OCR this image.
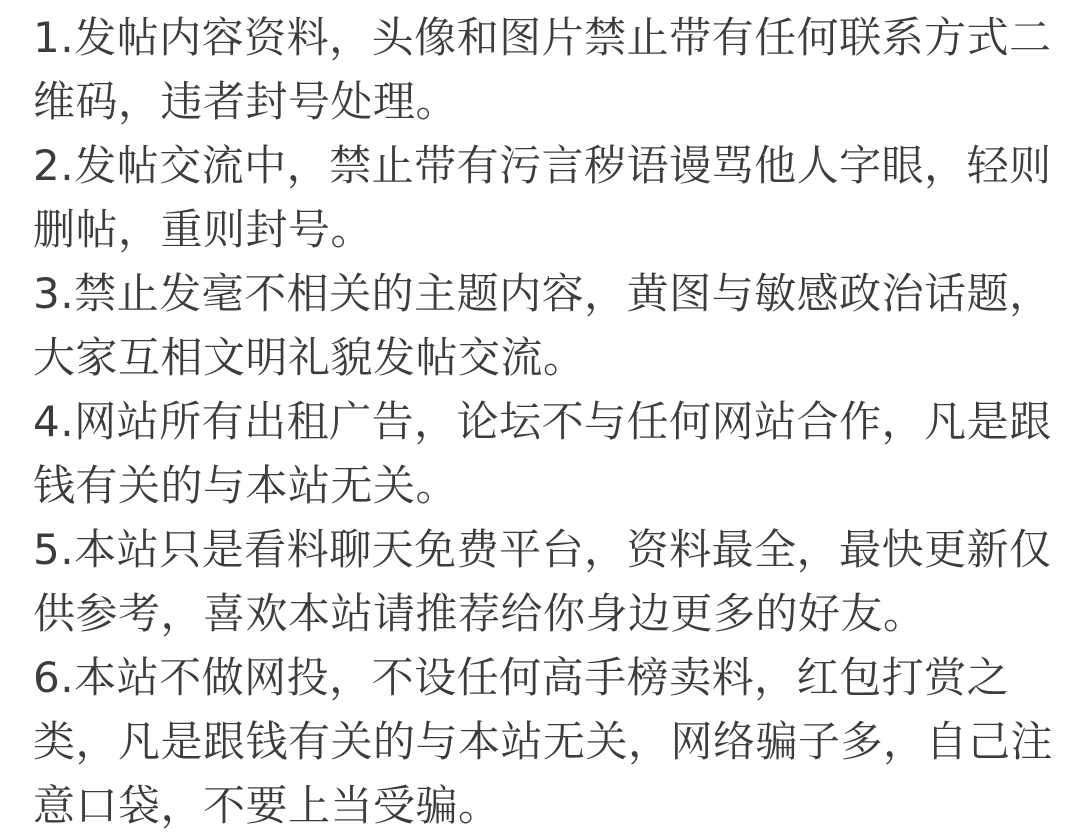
1.发帖内容资料，头像和图片禁止带有任何联系方式二
维码，违者封号处理。
2.发帖交流中，禁止带有污言秽语谩骂他人字眼，轻则
删帖，重则封号。
3.禁止发毫不相关的主题内容，黄图与敏感政治话题，
大家互相文明礼貌发帖交流。
4.网站所有出租广告，论坛不与任何网站合作，凡是跟
钱有关的与本站无关。
5.本站只是看料聊天免费平台，资料最全，最快更新仅
供参考，喜欢本站请推荐给你身边更多的好友。
6.本站不做网投，不设任何高手榜卖料，红包打赏之
类，凡是跟钱有关的与本站无关，网络骗子多，自己注
意口袋，不要上当受骗。
